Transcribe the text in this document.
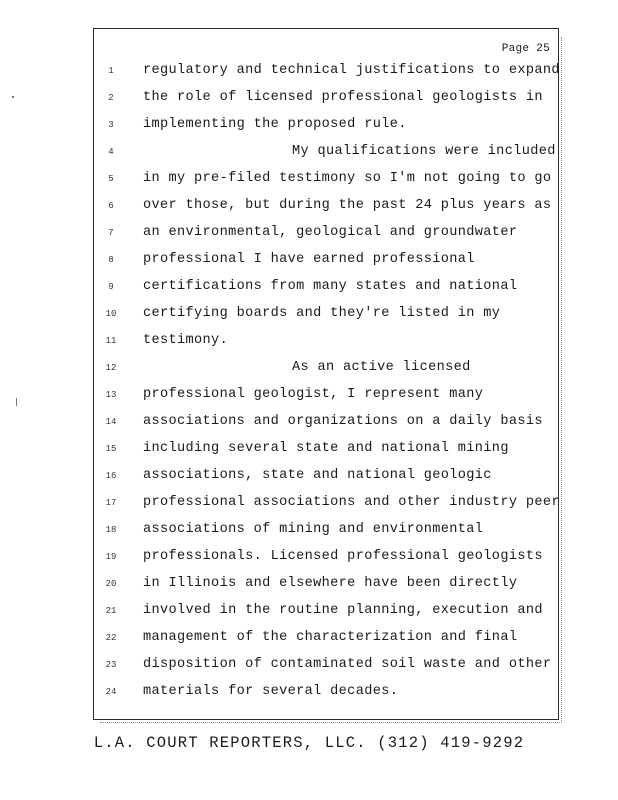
Page 25
1	regulatory and technical justifications to expand
2	the role of licensed professional geologists in
3	implementing the proposed rule.
4	My qualifications were included
5	in my pre-filed testimony so I'm not going to go
6	over those, but during the past 24 plus years as
7	an environmental, geological and groundwater
8	professional I have earned professional
9	certifications from many states and national
10	certifying boards and they're listed in my
11	testimony.
12	As an active licensed
13	professional geologist, I represent many
14	associations and organizations on a daily basis
15	including several state and national mining
16	associations, state and national geologic
17	professional associations and other industry peer
18	associations of mining and environmental
19	professionals. Licensed professional geologists
20	in Illinois and elsewhere have been directly
21	involved in the routine planning, execution and
22	management of the characterization and final
23	disposition of contaminated soil waste and other
24	materials for several decades.
L.A. COURT REPORTERS, LLC. (312) 419-9292
